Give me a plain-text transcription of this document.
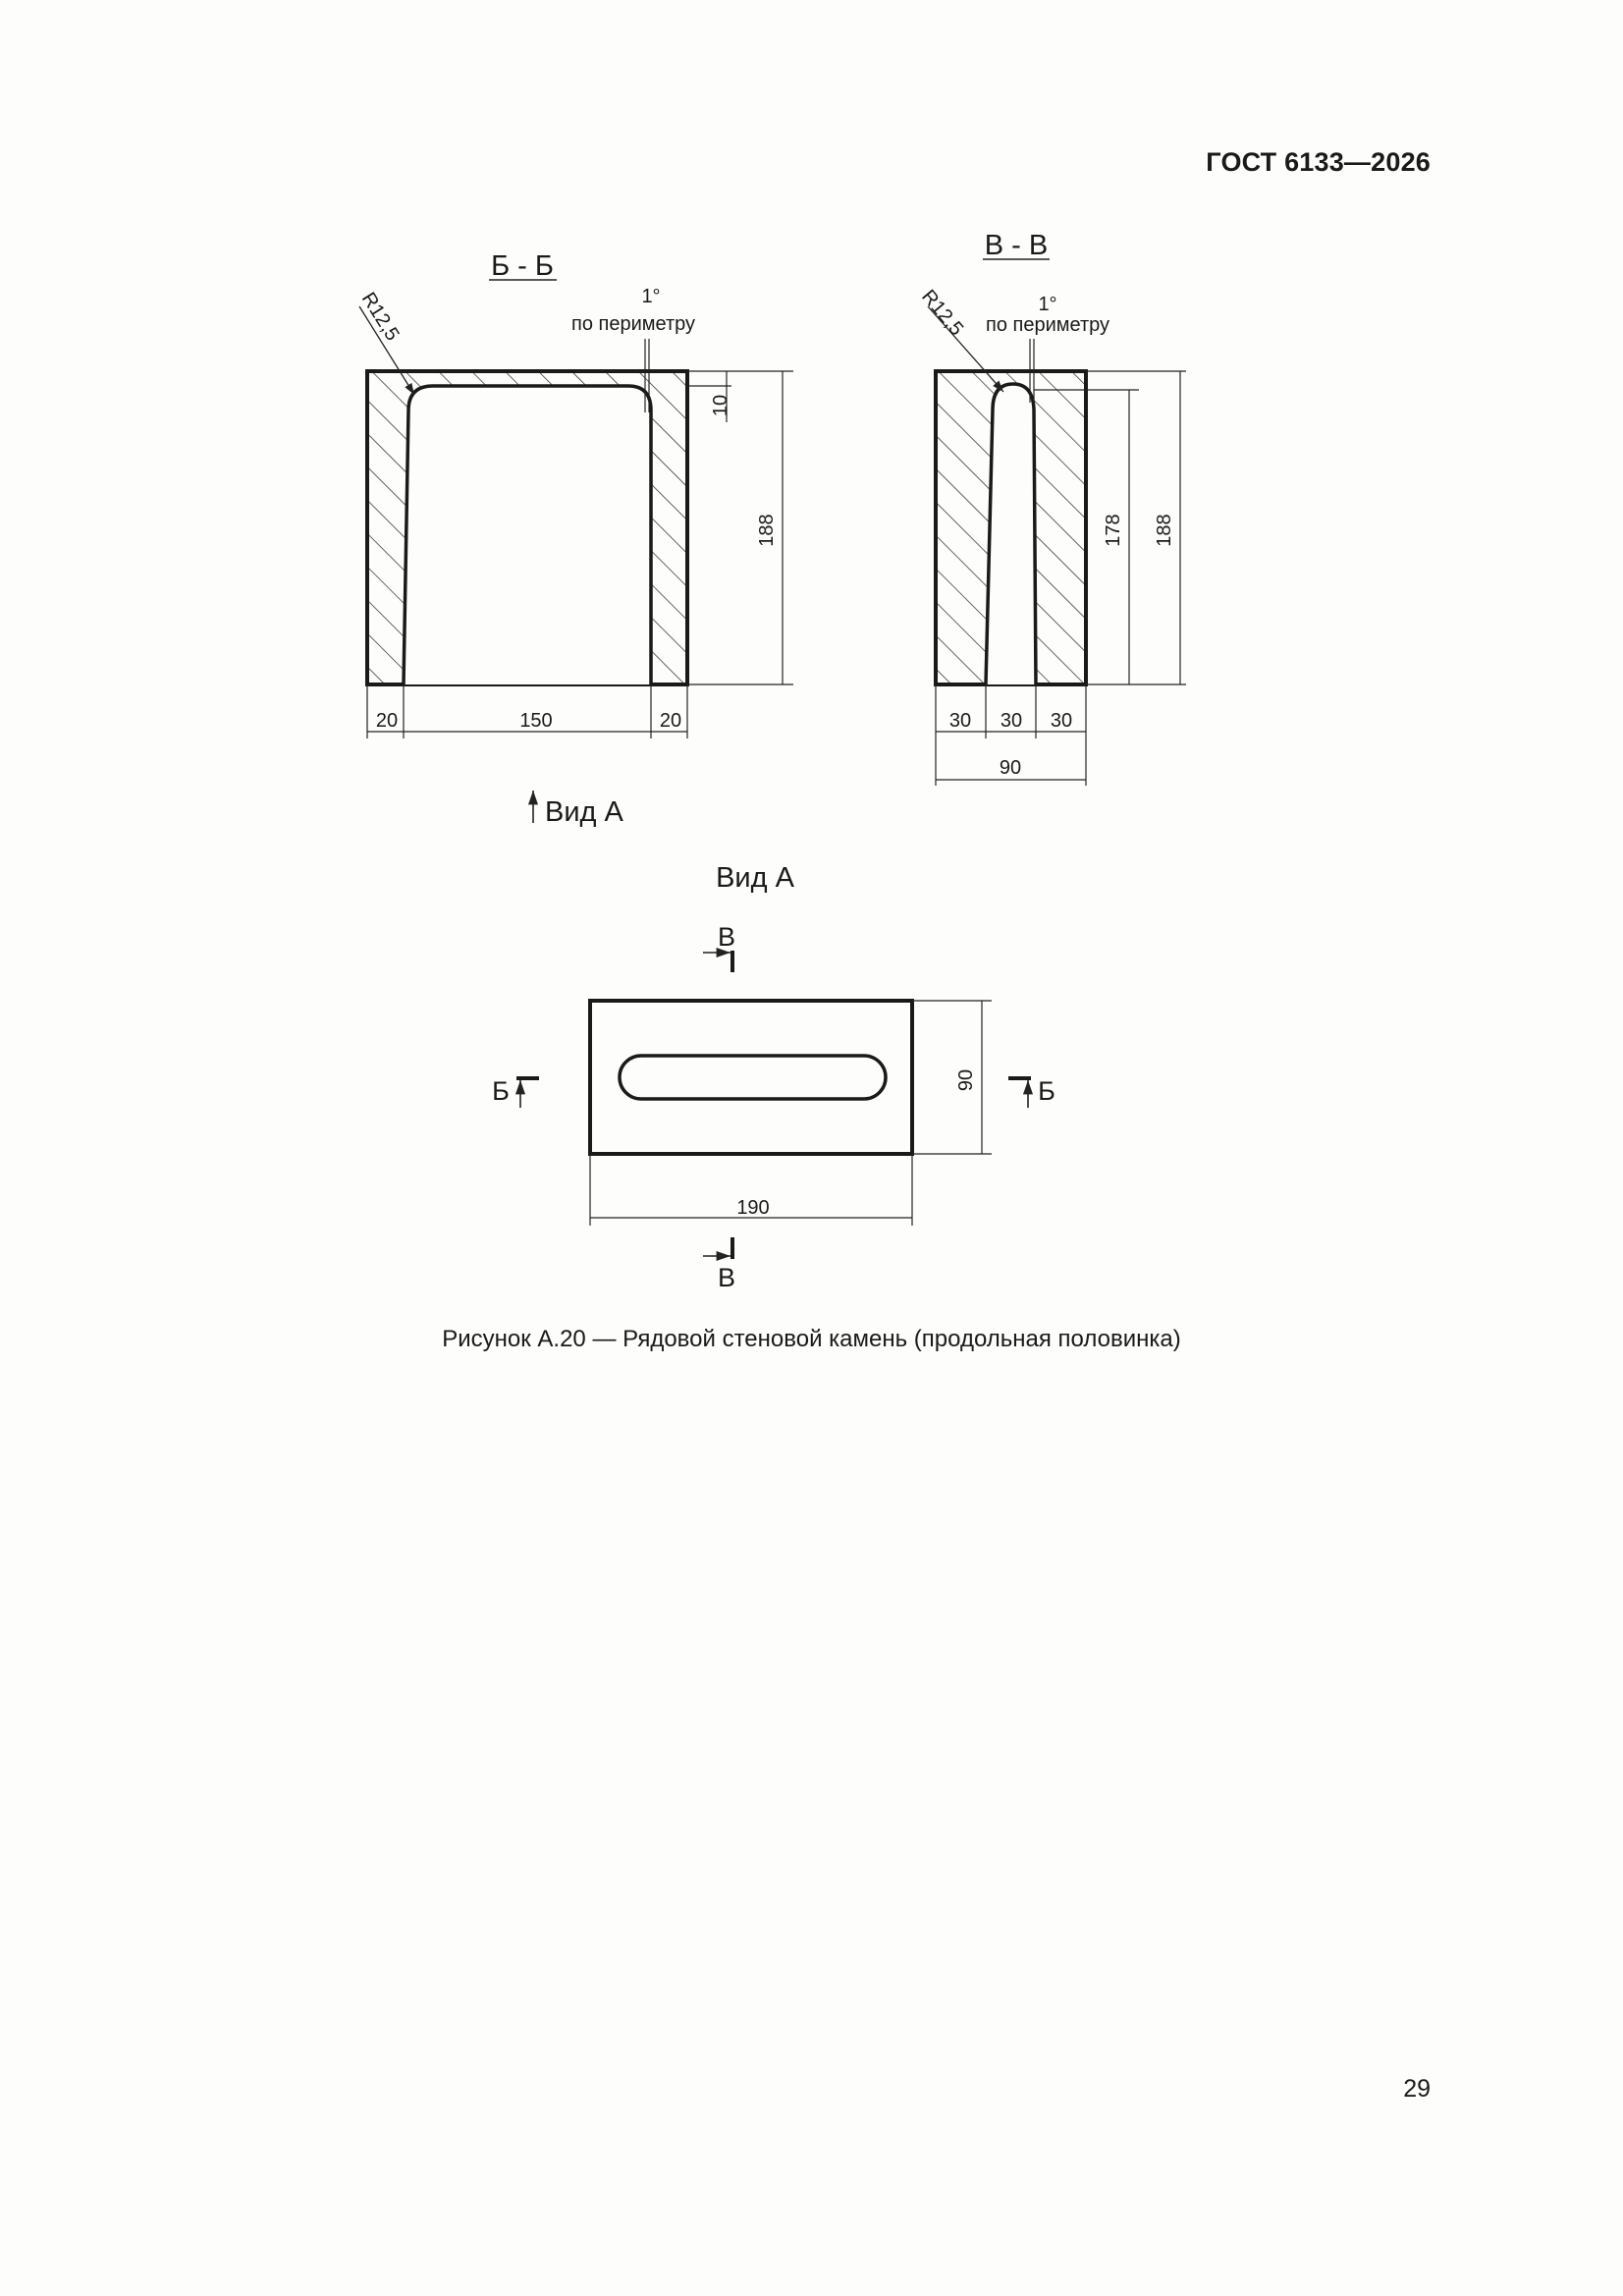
ГОСТ 6133—2026
Б - Б
R12,5	1°
по периметру
10
188
20	150	20
Вид А
В - В
R12,5	1°
по периметру
178 188
30 30 30
90
Вид А
В
В
Б	Б
90
190
Рисунок А.20 — Рядовой стеновой камень (продольная половинка)
29
